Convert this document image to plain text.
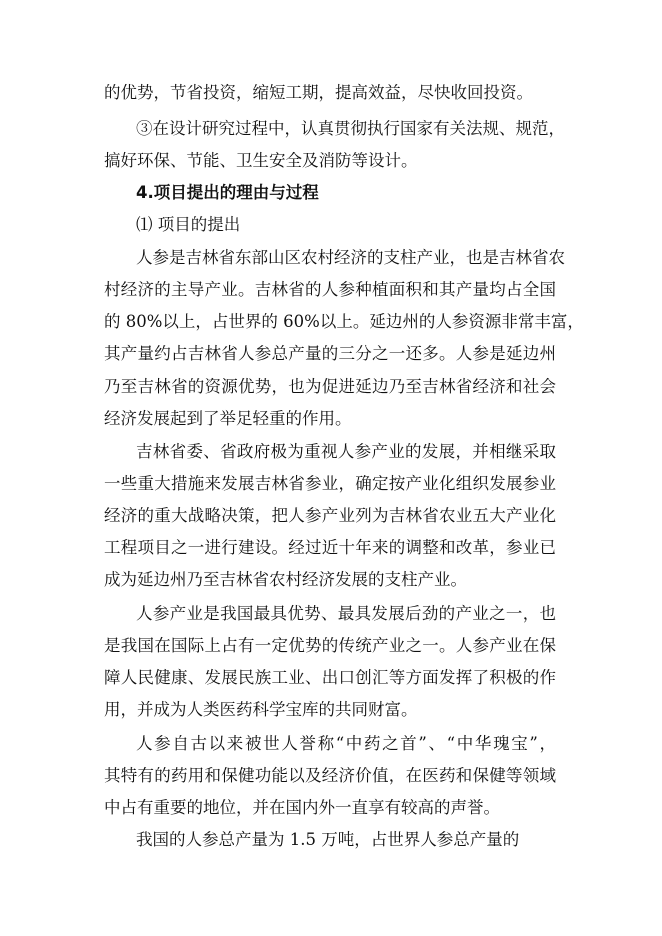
的优势，节省投资，缩短工期，提高效益，尽快收回投资。
③在设计研究过程中，认真贯彻执行国家有关法规、规范，
搞好环保、节能、卫生安全及消防等设计。
4.项目提出的理由与过程
⑴ 项目的提出
人参是吉林省东部山区农村经济的支柱产业，也是吉林省农
村经济的主导产业。吉林省的人参种植面积和其产量均占全国
的 80%以上，占世界的 60%以上。延边州的人参资源非常丰富，
其产量约占吉林省人参总产量的三分之一还多。人参是延边州
乃至吉林省的资源优势，也为促进延边乃至吉林省经济和社会
经济发展起到了举足轻重的作用。
吉林省委、省政府极为重视人参产业的发展，并相继采取
一些重大措施来发展吉林省参业，确定按产业化组织发展参业
经济的重大战略决策，把人参产业列为吉林省农业五大产业化
工程项目之一进行建设。经过近十年来的调整和改革，参业已
成为延边州乃至吉林省农村经济发展的支柱产业。
人参产业是我国最具优势、最具发展后劲的产业之一，也
是我国在国际上占有一定优势的传统产业之一。人参产业在保
障人民健康、发展民族工业、出口创汇等方面发挥了积极的作
用，并成为人类医药科学宝库的共同财富。
人参自古以来被世人誉称“中药之首”、“中华瑰宝”，
其特有的药用和保健功能以及经济价值，在医药和保健等领域
中占有重要的地位，并在国内外一直享有较高的声誉。
我国的人参总产量为 1.5 万吨，占世界人参总产量的
